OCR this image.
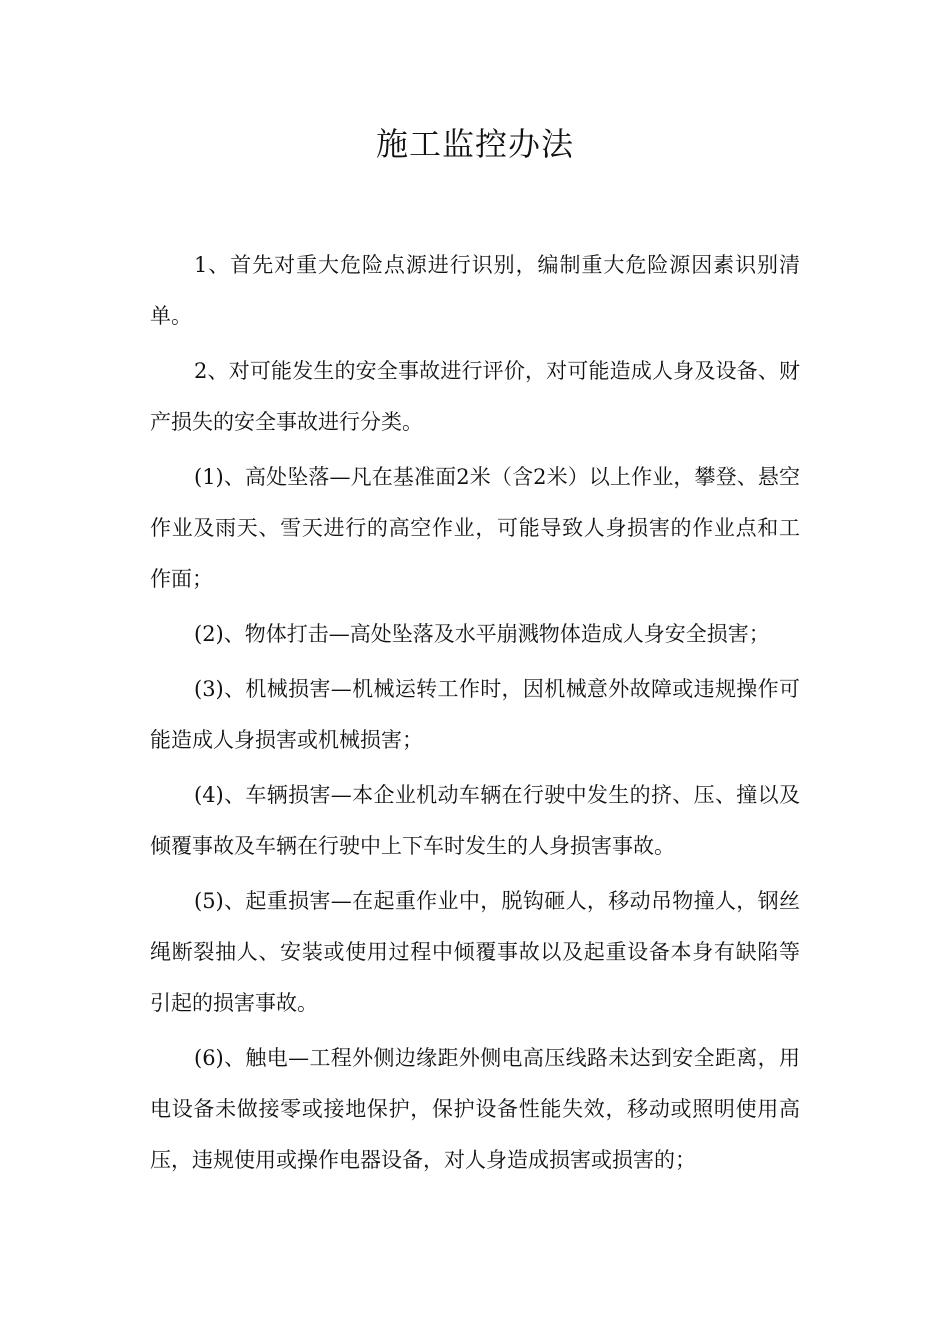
施工监控办法

1、首先对重大危险点源进行识别，编制重大危险源因素识别清单。

2、对可能发生的安全事故进行评价，对可能造成人身及设备、财产损失的安全事故进行分类。

(1)、高处坠落—凡在基准面2米（含2米）以上作业，攀登、悬空作业及雨天、雪天进行的高空作业，可能导致人身损害的作业点和工作面；

(2)、物体打击—高处坠落及水平崩溅物体造成人身安全损害；

(3)、机械损害—机械运转工作时，因机械意外故障或违规操作可能造成人身损害或机械损害；

(4)、车辆损害—本企业机动车辆在行驶中发生的挤、压、撞以及倾覆事故及车辆在行驶中上下车时发生的人身损害事故。

(5)、起重损害—在起重作业中，脱钩砸人，移动吊物撞人，钢丝绳断裂抽人、安装或使用过程中倾覆事故以及起重设备本身有缺陷等引起的损害事故。

(6)、触电—工程外侧边缘距外侧电高压线路未达到安全距离，用电设备未做接零或接地保护，保护设备性能失效，移动或照明使用高压，违规使用或操作电器设备，对人身造成损害或损害的；
